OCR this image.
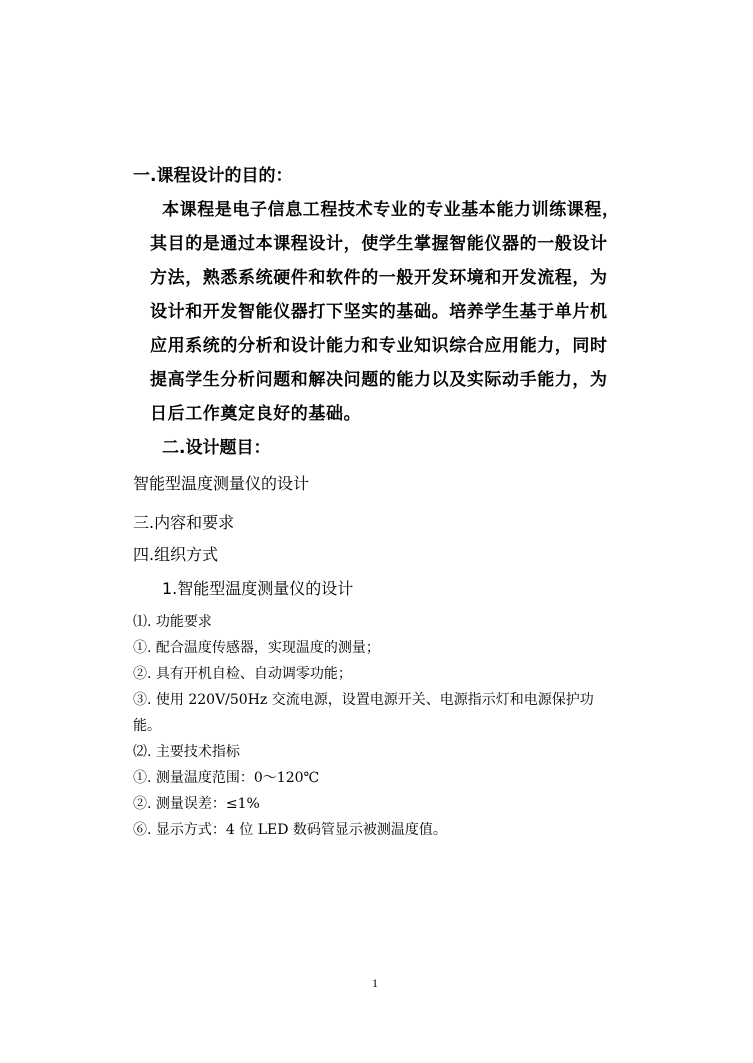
一.课程设计的目的：
本课程是电子信息工程技术专业的专业基本能力训练课程，
其目的是通过本课程设计，使学生掌握智能仪器的一般设计
方法，熟悉系统硬件和软件的一般开发环境和开发流程，为
设计和开发智能仪器打下坚实的基础。培养学生基于单片机
应用系统的分析和设计能力和专业知识综合应用能力，同时
提高学生分析问题和解决问题的能力以及实际动手能力，为
日后工作奠定良好的基础。
二.设计题目：
智能型温度测量仪的设计
三.内容和要求
四.组织方式
1.智能型温度测量仪的设计
⑴. 功能要求
①. 配合温度传感器，实现温度的测量；
②. 具有开机自检、自动调零功能；
③. 使用 220V/50Hz 交流电源，设置电源开关、电源指示灯和电源保护功
能。
⑵. 主要技术指标
①. 测量温度范围：0～120℃
②. 测量误差：≤1%
⑥. 显示方式：4 位 LED 数码管显示被测温度值。
1
